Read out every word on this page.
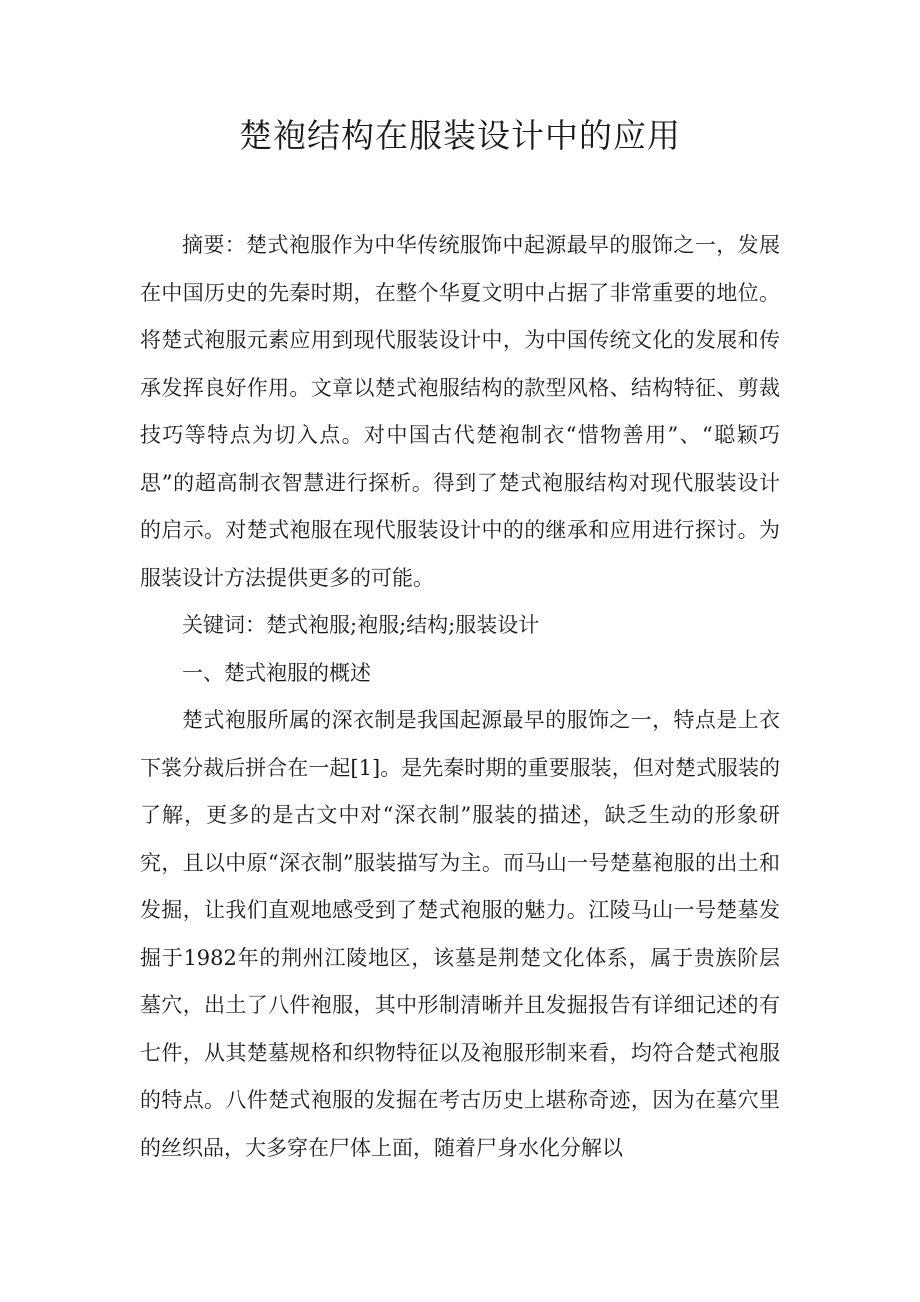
楚袍结构在服装设计中的应用

摘要：楚式袍服作为中华传统服饰中起源最早的服饰之一，发展在中国历史的先秦时期，在整个华夏文明中占据了非常重要的地位。将楚式袍服元素应用到现代服装设计中，为中国传统文化的发展和传承发挥良好作用。文章以楚式袍服结构的款型风格、结构特征、剪裁技巧等特点为切入点。对中国古代楚袍制衣“惜物善用”、“聪颖巧思”的超高制衣智慧进行探析。得到了楚式袍服结构对现代服装设计的启示。对楚式袍服在现代服装设计中的的继承和应用进行探讨。为服装设计方法提供更多的可能。

关键词：楚式袍服;袍服;结构;服装设计

一、楚式袍服的概述

楚式袍服所属的深衣制是我国起源最早的服饰之一，特点是上衣下裳分裁后拼合在一起[1]。是先秦时期的重要服装，但对楚式服装的了解，更多的是古文中对“深衣制”服装的描述，缺乏生动的形象研究，且以中原“深衣制”服装描写为主。而马山一号楚墓袍服的出土和发掘，让我们直观地感受到了楚式袍服的魅力。江陵马山一号楚墓发掘于1982年的荆州江陵地区，该墓是荆楚文化体系，属于贵族阶层墓穴，出土了八件袍服，其中形制清晰并且发掘报告有详细记述的有七件，从其楚墓规格和织物特征以及袍服形制来看，均符合楚式袍服的特点。八件楚式袍服的发掘在考古历史上堪称奇迹，因为在墓穴里的丝织品，大多穿在尸体上面，随着尸身水化分解以
